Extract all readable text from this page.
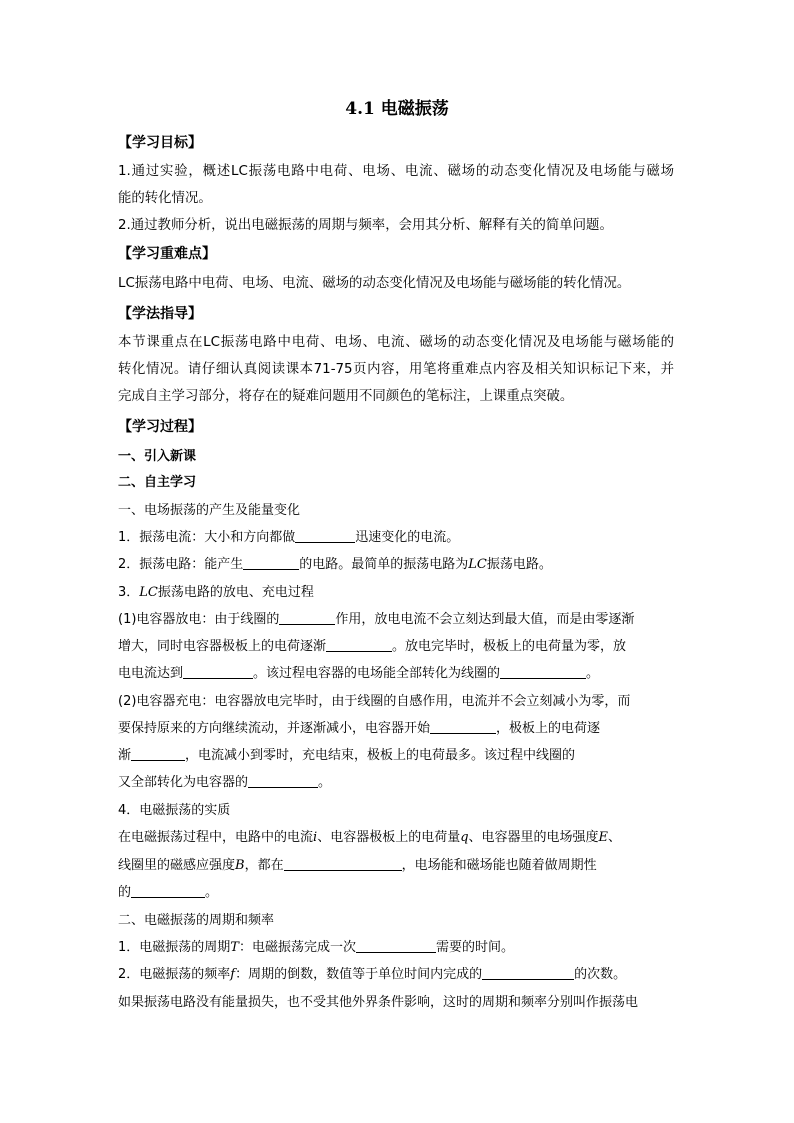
4.1 电磁振荡
【学习目标】
1.通过实验，概述LC振荡电路中电荷、电场、电流、磁场的动态变化情况及电场能与磁场
能的转化情况。
2.通过教师分析，说出电磁振荡的周期与频率，会用其分析、解释有关的简单问题。
【学习重难点】
LC振荡电路中电荷、电场、电流、磁场的动态变化情况及电场能与磁场能的转化情况。
【学法指导】
本节课重点在LC振荡电路中电荷、电场、电流、磁场的动态变化情况及电场能与磁场能的
转化情况。请仔细认真阅读课本71-75页内容，用笔将重难点内容及相关知识标记下来，并
完成自主学习部分，将存在的疑难问题用不同颜色的笔标注，上课重点突破。
【学习过程】
一、引入新课
二、自主学习
一、电场振荡的产生及能量变化
1．振荡电流：大小和方向都做	迅速变化的电流。
2．振荡电路：能产生	的电路。最简单的振荡电路为LC振荡电路。
3．LC振荡电路的放电、充电过程
(1)电容器放电：由于线圈的	作用，放电电流不会立刻达到最大值，而是由零逐渐
增大，同时电容器极板上的电荷逐渐	。放电完毕时，极板上的电荷量为零，放
电电流达到	。该过程电容器的电场能全部转化为线圈的	。
(2)电容器充电：电容器放电完毕时，由于线圈的自感作用，电流并不会立刻减小为零，而
要保持原来的方向继续流动，并逐渐减小，电容器开始	，极板上的电荷逐
渐	，电流减小到零时，充电结束，极板上的电荷最多。该过程中线圈的
又全部转化为电容器的	。
4．电磁振荡的实质
在电磁振荡过程中，电路中的电流i、电容器极板上的电荷量q、电容器里的电场强度E、
线圈里的磁感应强度B，都在	，电场能和磁场能也随着做周期性
的	。
二、电磁振荡的周期和频率
1．电磁振荡的周期T：电磁振荡完成一次	需要的时间。
2．电磁振荡的频率f：周期的倒数，数值等于单位时间内完成的	的次数。
如果振荡电路没有能量损失，也不受其他外界条件影响，这时的周期和频率分别叫作振荡电
